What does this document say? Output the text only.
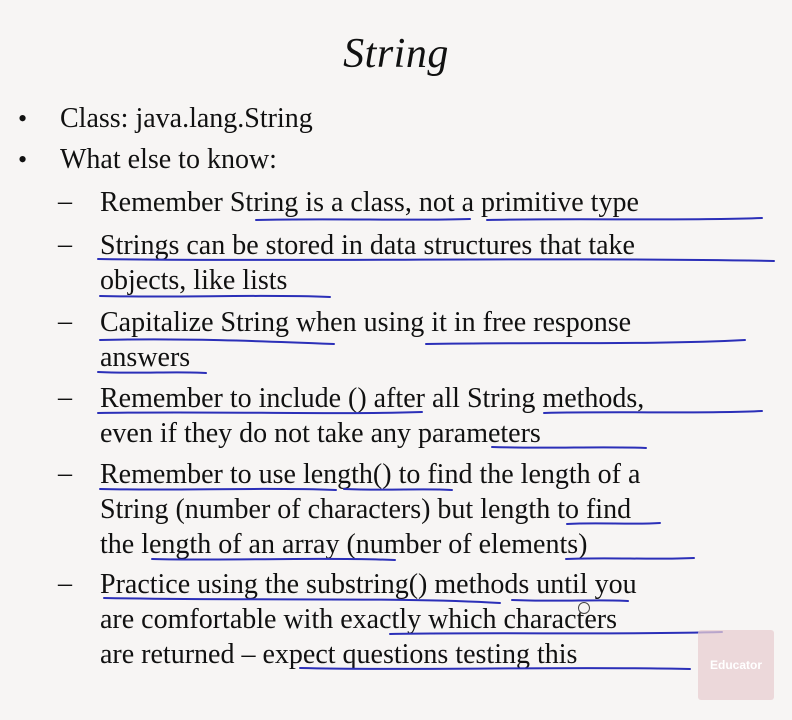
String
• Class: java.lang.String
• What else to know:
– Remember String is a class, not a primitive type
– Strings can be stored in data structures that take
objects, like lists
– Capitalize String when using it in free response
answers
– Remember to include () after all String methods,
even if they do not take any parameters
– Remember to use length() to find the length of a
String (number of characters) but length to find
the length of an array (number of elements)
– Practice using the substring() methods until you
are comfortable with exactly which characters
are returned – expect questions testing this	Educator
